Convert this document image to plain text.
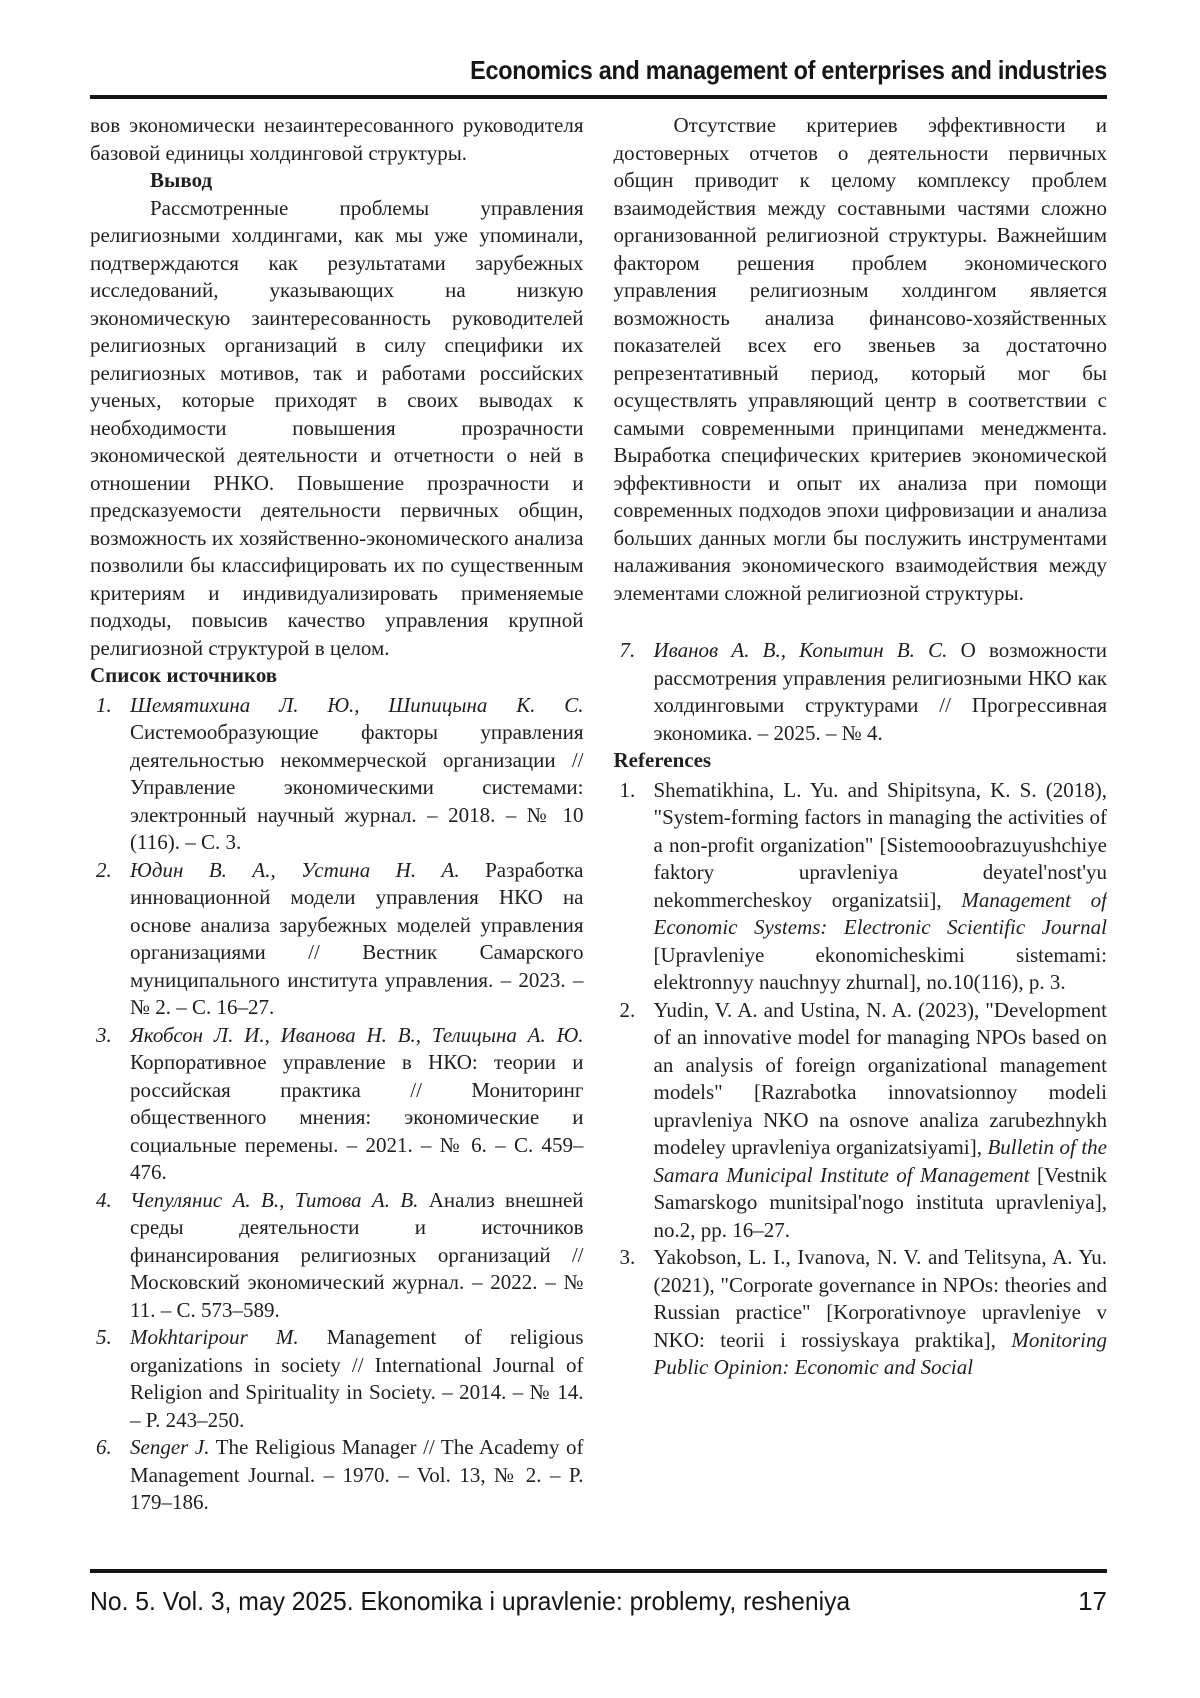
Economics and management of enterprises and industries

вов экономически незаинтересованного руководителя базовой единицы холдинговой структуры.

Вывод

Рассмотренные проблемы управления религиозными холдингами, как мы уже упоминали, подтверждаются как результатами зарубежных исследований, указывающих на низкую экономическую заинтересованность руководителей религиозных организаций в силу специфики их религиозных мотивов, так и работами российских ученых, которые приходят в своих выводах к необходимости повышения прозрачности экономической деятельности и отчетности о ней в отношении РНКО. Повышение прозрачности и предсказуемости деятельности первичных общин, возможность их хозяйственно-экономического анализа позволили бы классифицировать их по существенным критериям и индивидуализировать применяемые подходы, повысив качество управления крупной религиозной структурой в целом.

Список источников

1. Шемятихина Л. Ю., Шипицына К. С. Системообразующие факторы управления деятельностью некоммерческой организации // Управление экономическими системами: электронный научный журнал. – 2018. – № 10 (116). – С. 3.
2. Юдин В. А., Устина Н. А. Разработка инновационной модели управления НКО на основе анализа зарубежных моделей управления организациями // Вестник Самарского муниципального института управления. – 2023. – № 2. – С. 16–27.
3. Якобсон Л. И., Иванова Н. В., Телицына А. Ю. Корпоративное управление в НКО: теории и российская практика // Мониторинг общественного мнения: экономические и социальные перемены. – 2021. – № 6. – С. 459–476.
4. Чепулянис А. В., Титова А. В. Анализ внешней среды деятельности и источников финансирования религиозных организаций // Московский экономический журнал. – 2022. – № 11. – С. 573–589.
5. Mokhtaripour M. Management of religious organizations in society // International Journal of Religion and Spirituality in Society. – 2014. – № 14. – P. 243–250.
6. Senger J. The Religious Manager // The Academy of Management Journal. – 1970. – Vol. 13, № 2. – P. 179–186.

Отсутствие критериев эффективности и достоверных отчетов о деятельности первичных общин приводит к целому комплексу проблем взаимодействия между составными частями сложно организованной религиозной структуры. Важнейшим фактором решения проблем экономического управления религиозным холдингом является возможность анализа финансово-хозяйственных показателей всех его звеньев за достаточно репрезентативный период, который мог бы осуществлять управляющий центр в соответствии с самыми современными принципами менеджмента. Выработка специфических критериев экономической эффективности и опыт их анализа при помощи современных подходов эпохи цифровизации и анализа больших данных могли бы послужить инструментами налаживания экономического взаимодействия между элементами сложной религиозной структуры.

7. Иванов А. В., Копытин В. С. О возможности рассмотрения управления религиозными НКО как холдинговыми структурами // Прогрессивная экономика. – 2025. – № 4.

References

1. Shematikhina, L. Yu. and Shipitsyna, K. S. (2018), "System-forming factors in managing the activities of a non-profit organization" [Sistemooobrazuyushchiye faktory upravleniya deyatel'nost'yu nekommercheskoy organizatsii], Management of Economic Systems: Electronic Scientific Journal [Upravleniye ekonomicheskimi sistemami: elektronnyy nauchnyy zhurnal], no.10(116), p. 3.
2. Yudin, V. A. and Ustina, N. A. (2023), "Development of an innovative model for managing NPOs based on an analysis of foreign organizational management models" [Razrabotka innovatsionnoy modeli upravleniya NKO na osnove analiza zarubezhnykh modeley upravleniya organizatsiyami], Bulletin of the Samara Municipal Institute of Management [Vestnik Samarskogo munitsipal'nogo instituta upravleniya], no.2, pp. 16–27.
3. Yakobson, L. I., Ivanova, N. V. and Telitsyna, A. Yu. (2021), "Corporate governance in NPOs: theories and Russian practice" [Korporativnoye upravleniye v NKO: teorii i rossiyskaya praktika], Monitoring Public Opinion: Economic and Social
No. 5. Vol. 3, may 2025. Ekonomika i upravlenie: problemy, resheniya	17
